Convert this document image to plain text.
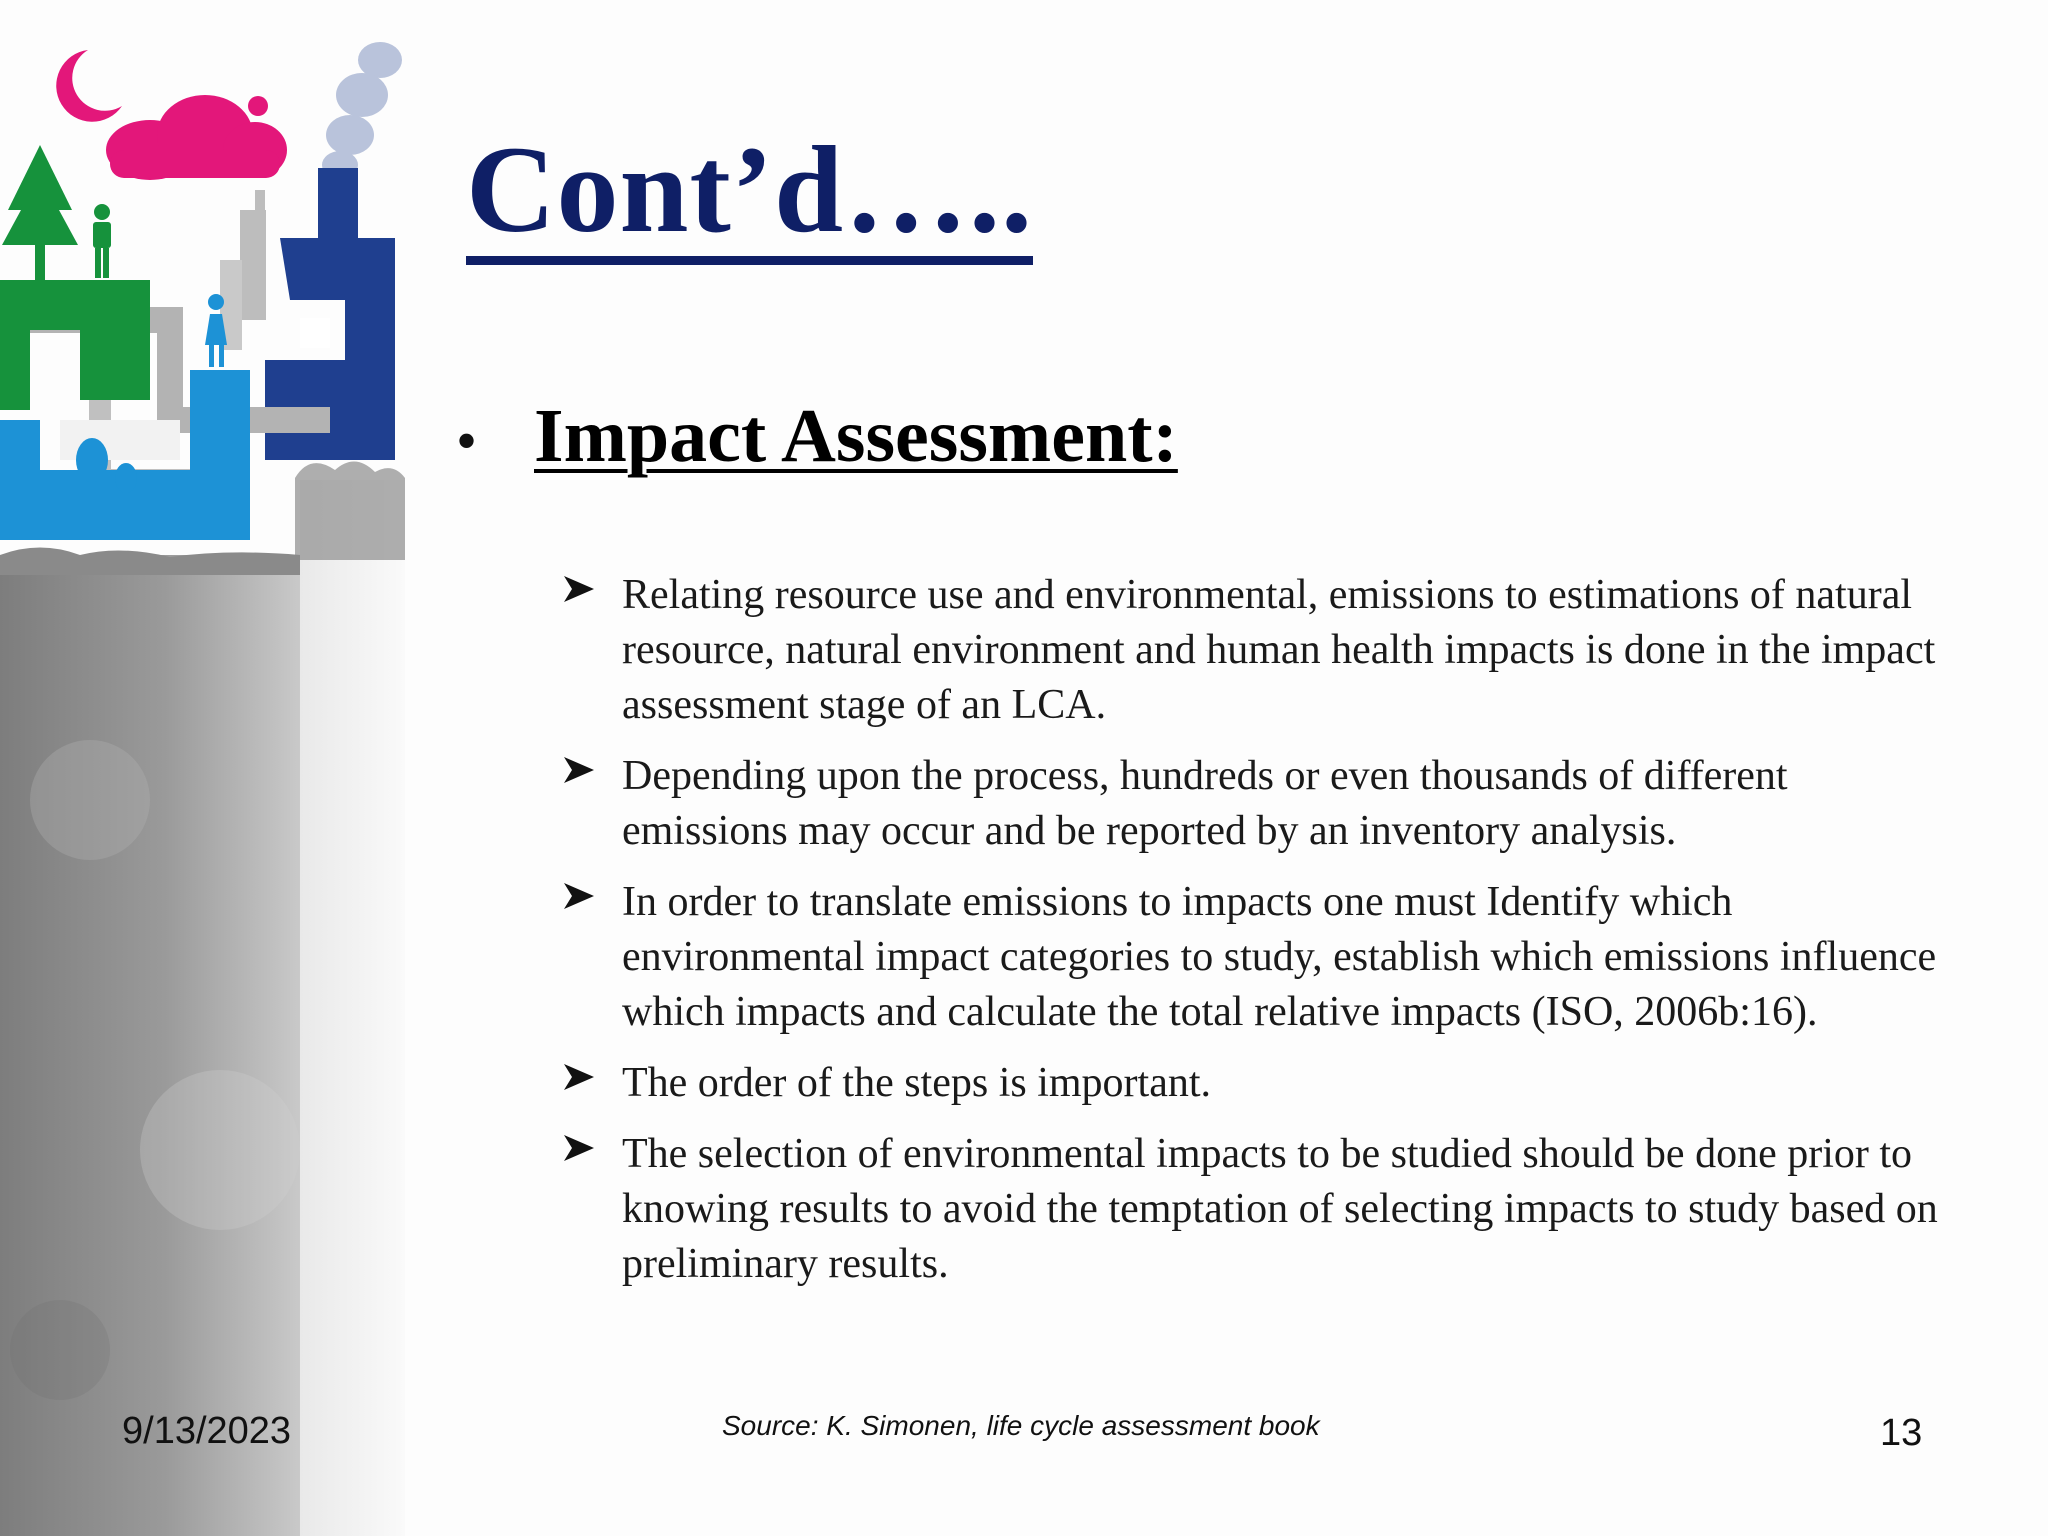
Cont’d…..
• Impact Assessment:
Relating resource use and environmental, emissions to estimations of natural resource, natural environment and human health impacts is done in the impact assessment stage of an LCA.
Depending upon the process, hundreds or even thousands of different emissions may occur and be reported by an inventory analysis.
In order to translate emissions to impacts one must Identify which environmental impact categories to study, establish which emissions influence which impacts and calculate the total relative impacts (ISO, 2006b:16).
The order of the steps is important.
The selection of environmental impacts to be studied should be done prior to knowing results to avoid the temptation of selecting impacts to study based on preliminary results.
9/13/2023	Source: K. Simonen, life cycle assessment book	13
